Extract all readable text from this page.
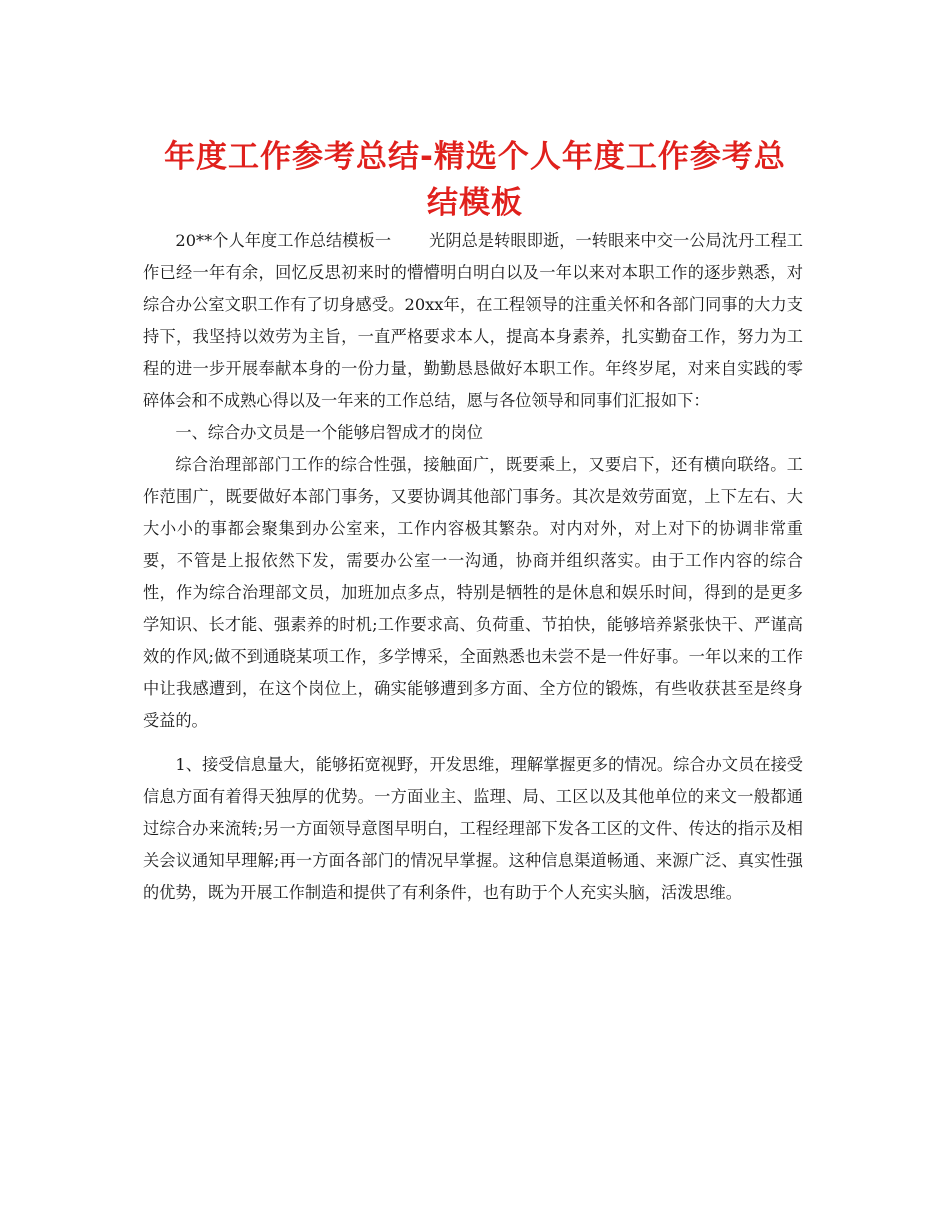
年度工作参考总结-精选个人年度工作参考总结模板

20**个人年度工作总结模板一 光阴总是转眼即逝，一转眼来中交一公局沈丹工程工作已经一年有余，回忆反思初来时的懵懵明白明白以及一年以来对本职工作的逐步熟悉，对综合办公室文职工作有了切身感受。20xx年，在工程领导的注重关怀和各部门同事的大力支持下，我坚持以效劳为主旨，一直严格要求本人，提高本身素养，扎实勤奋工作，努力为工程的进一步开展奉献本身的一份力量，勤勤恳恳做好本职工作。年终岁尾，对来自实践的零碎体会和不成熟心得以及一年来的工作总结，愿与各位领导和同事们汇报如下：

一、综合办文员是一个能够启智成才的岗位

综合治理部部门工作的综合性强，接触面广，既要乘上，又要启下，还有横向联络。工作范围广，既要做好本部门事务，又要协调其他部门事务。其次是效劳面宽，上下左右、大大小小的事都会聚集到办公室来，工作内容极其繁杂。对内对外，对上对下的协调非常重要，不管是上报依然下发，需要办公室一一沟通，协商并组织落实。由于工作内容的综合性，作为综合治理部文员，加班加点多点，特别是牺牲的是休息和娱乐时间，得到的是更多学知识、长才能、强素养的时机;工作要求高、负荷重、节拍快，能够培养紧张快干、严谨高效的作风;做不到通晓某项工作，多学博采，全面熟悉也未尝不是一件好事。一年以来的工作中让我感遭到，在这个岗位上，确实能够遭到多方面、全方位的锻炼，有些收获甚至是终身受益的。

1、接受信息量大，能够拓宽视野，开发思维，理解掌握更多的情况。综合办文员在接受信息方面有着得天独厚的优势。一方面业主、监理、局、工区以及其他单位的来文一般都通过综合办来流转;另一方面领导意图早明白，工程经理部下发各工区的文件、传达的指示及相关会议通知早理解;再一方面各部门的情况早掌握。这种信息渠道畅通、来源广泛、真实性强的优势，既为开展工作制造和提供了有利条件，也有助于个人充实头脑，活泼思维。
